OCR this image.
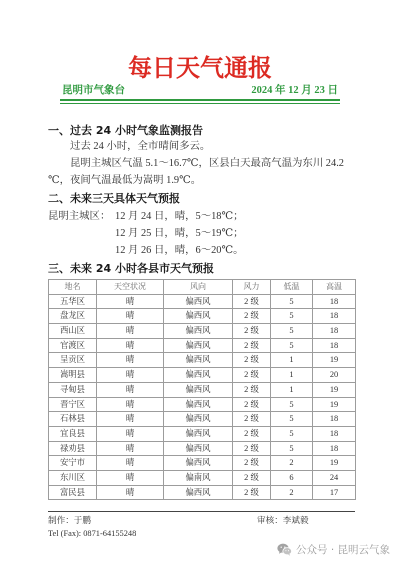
每日天气通报
昆明市气象台	2024 年 12 月 23 日
一、过去 24 小时气象监测报告
过去 24 小时，全市晴间多云。
昆明主城区气温 5.1～16.7℃，区县白天最高气温为东川 24.2
℃，夜间气温最低为嵩明 1.9℃。
二、未来三天具体天气预报
昆明主城区： 12 月 24 日，晴，5～18℃；
12 月 25 日，晴，5～19℃；
12 月 26 日，晴，6～20℃。
三、未来 24 小时各县市天气预报
地名	天空状况	风向	风力	低温	高温
五华区	晴	偏西风	2 级	5	18
盘龙区	晴	偏西风	2 级	5	18
西山区	晴	偏西风	2 级	5	18
官渡区	晴	偏西风	2 级	5	18
呈贡区	晴	偏西风	2 级	1	19
嵩明县	晴	偏西风	2 级	1	20
寻甸县	晴	偏西风	2 级	1	19
晋宁区	晴	偏西风	2 级	5	19
石林县	晴	偏西风	2 级	5	18
宜良县	晴	偏西风	2 级	5	18
禄劝县	晴	偏西风	2 级	5	18
安宁市	晴	偏西风	2 级	2	19
东川区	晴	偏南风	2 级	6	24
富民县	晴	偏西风	2 级	2	17
制作：于鹏	审核：李斌毅
Tel (Fax): 0871-64155248
公众号 · 昆明云气象
